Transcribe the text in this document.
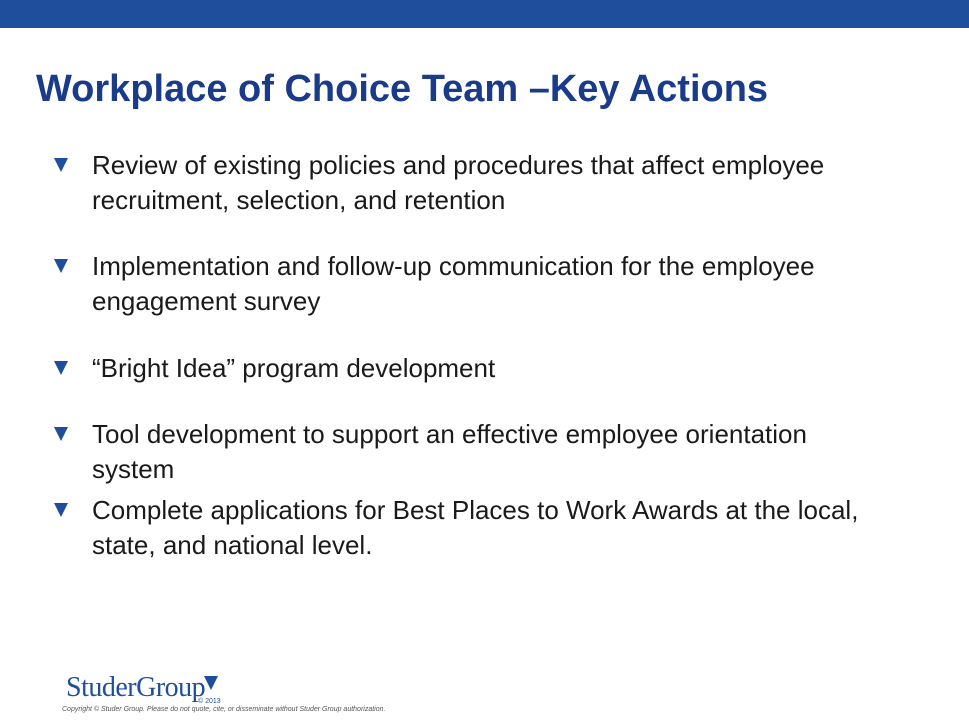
Workplace of Choice Team –Key Actions
Review of existing policies and procedures that affect employee recruitment, selection, and retention
Implementation and follow-up communication for the employee engagement survey
“Bright Idea” program development
Tool development to support an effective employee orientation system
Complete applications for Best Places to Work Awards at the local, state, and national level.
StuderGroup
© 2013
Copyright © Studer Group. Please do not quote, cite, or disseminate without Studer Group authorization.
